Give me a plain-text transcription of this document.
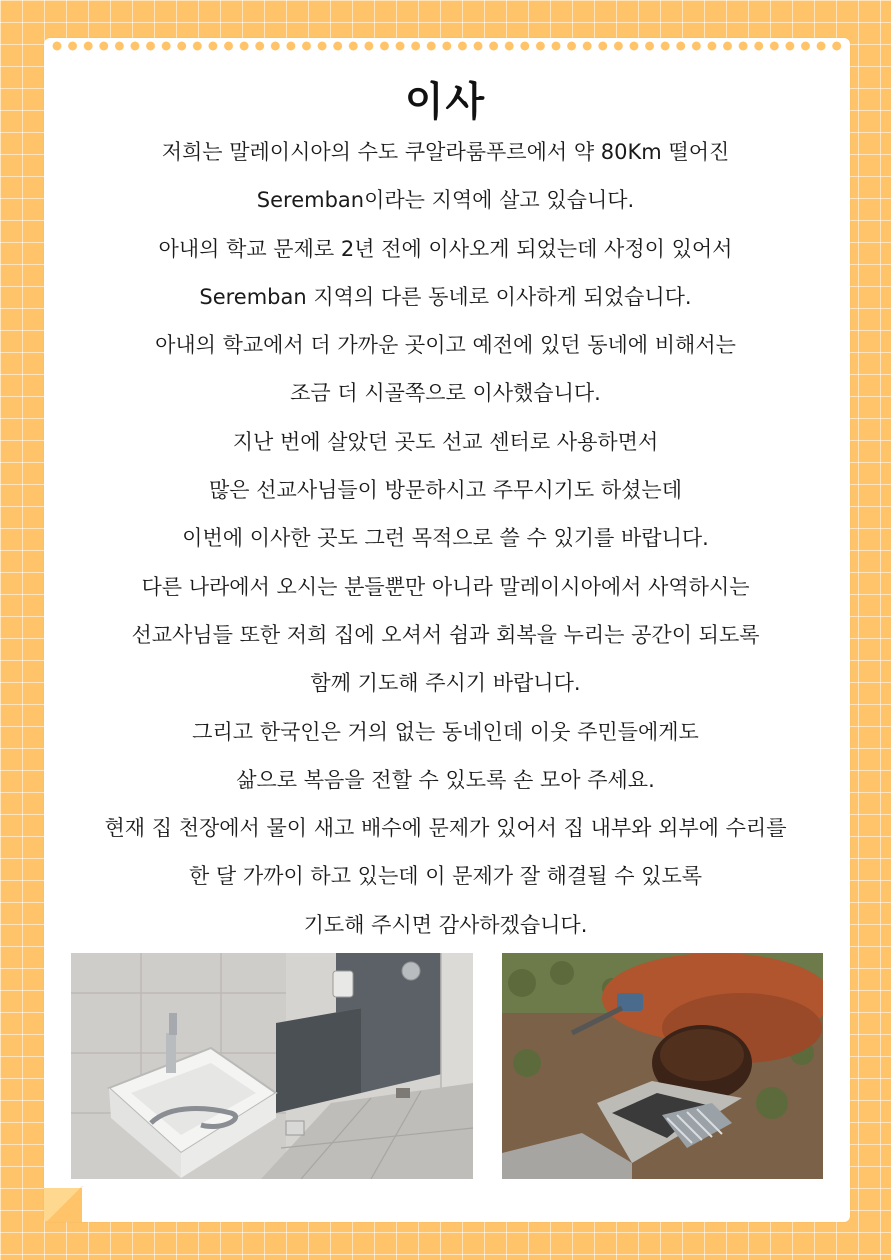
이사
저희는 말레이시아의 수도 쿠알라룸푸르에서 약 80Km 떨어진
Seremban이라는 지역에 살고 있습니다.
아내의 학교 문제로 2년 전에 이사오게 되었는데 사정이 있어서
Seremban 지역의 다른 동네로 이사하게 되었습니다.
아내의 학교에서 더 가까운 곳이고 예전에 있던 동네에 비해서는
조금 더 시골쪽으로 이사했습니다.
지난 번에 살았던 곳도 선교 센터로 사용하면서
많은 선교사님들이 방문하시고 주무시기도 하셨는데
이번에 이사한 곳도 그런 목적으로 쓸 수 있기를 바랍니다.
다른 나라에서 오시는 분들뿐만 아니라 말레이시아에서 사역하시는
선교사님들 또한 저희 집에 오셔서 쉼과 회복을 누리는 공간이 되도록
함께 기도해 주시기 바랍니다.
그리고 한국인은 거의 없는 동네인데 이웃 주민들에게도
삶으로 복음을 전할 수 있도록 손 모아 주세요.
현재 집 천장에서 물이 새고 배수에 문제가 있어서 집 내부와 외부에 수리를
한 달 가까이 하고 있는데 이 문제가 잘 해결될 수 있도록
기도해 주시면 감사하겠습니다.
